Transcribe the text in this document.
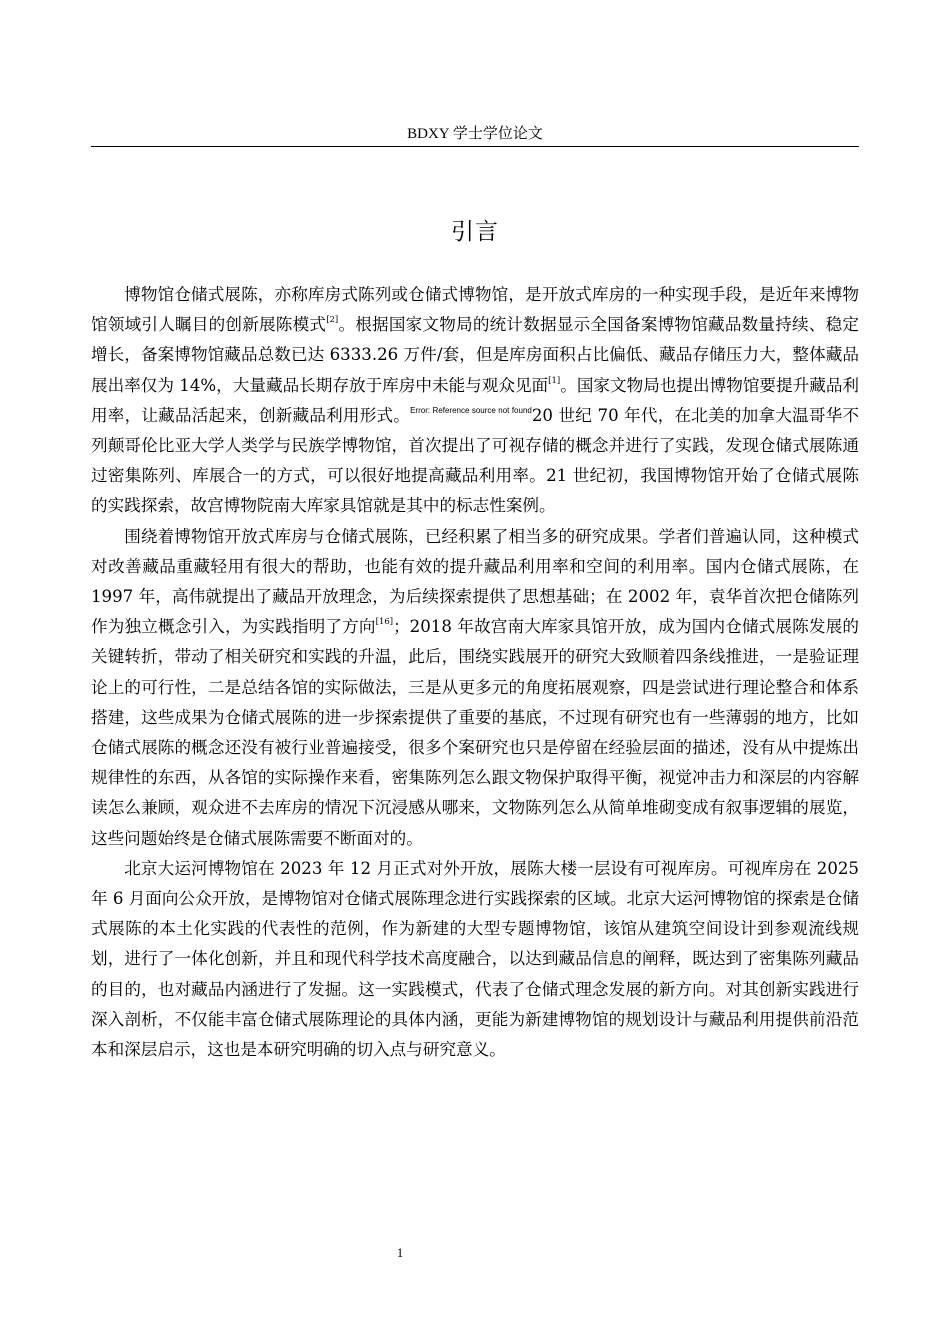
BDXY 学士学位论文
引言

博物馆仓储式展陈，亦称库房式陈列或仓储式博物馆，是开放式库房的一种实现手段，是近年来博物馆领域引人瞩目的创新展陈模式[2]。根据国家文物局的统计数据显示全国备案博物馆藏品数量持续、稳定增长，备案博物馆藏品总数已达 6333.26 万件/套，但是库房面积占比偏低、藏品存储压力大，整体藏品展出率仅为 14%，大量藏品长期存放于库房中未能与观众见面[1]。国家文物局也提出博物馆要提升藏品利用率，让藏品活起来，创新藏品利用形式。$^{Error: Reference source not found}$20 世纪 70 年代，在北美的加拿大温哥华不列颠哥伦比亚大学人类学与民族学博物馆，首次提出了可视存储的概念并进行了实践，发现仓储式展陈通过密集陈列、库展合一的方式，可以很好地提高藏品利用率。21 世纪初，我国博物馆开始了仓储式展陈的实践探索，故宫博物院南大库家具馆就是其中的标志性案例。

围绕着博物馆开放式库房与仓储式展陈，已经积累了相当多的研究成果。学者们普遍认同，这种模式对改善藏品重藏轻用有很大的帮助，也能有效的提升藏品利用率和空间的利用率。国内仓储式展陈，在 1997 年，高伟就提出了藏品开放理念，为后续探索提供了思想基础；在 2002 年，袁华首次把仓储陈列作为独立概念引入，为实践指明了方向[16]；2018 年故宫南大库家具馆开放，成为国内仓储式展陈发展的关键转折，带动了相关研究和实践的升温，此后，围绕实践展开的研究大致顺着四条线推进，一是验证理论上的可行性，二是总结各馆的实际做法，三是从更多元的角度拓展观察，四是尝试进行理论整合和体系搭建，这些成果为仓储式展陈的进一步探索提供了重要的基底，不过现有研究也有一些薄弱的地方，比如仓储式展陈的概念还没有被行业普遍接受，很多个案研究也只是停留在经验层面的描述，没有从中提炼出规律性的东西，从各馆的实际操作来看，密集陈列怎么跟文物保护取得平衡，视觉冲击力和深层的内容解读怎么兼顾，观众进不去库房的情况下沉浸感从哪来，文物陈列怎么从简单堆砌变成有叙事逻辑的展览，这些问题始终是仓储式展陈需要不断面对的。

北京大运河博物馆在 2023 年 12 月正式对外开放，展陈大楼一层设有可视库房。可视库房在 2025 年 6 月面向公众开放，是博物馆对仓储式展陈理念进行实践探索的区域。北京大运河博物馆的探索是仓储式展陈的本土化实践的代表性的范例，作为新建的大型专题博物馆，该馆从建筑空间设计到参观流线规划，进行了一体化创新，并且和现代科学技术高度融合，以达到藏品信息的阐释，既达到了密集陈列藏品的目的，也对藏品内涵进行了发掘。这一实践模式，代表了仓储式理念发展的新方向。对其创新实践进行深入剖析，不仅能丰富仓储式展陈理论的具体内涵，更能为新建博物馆的规划设计与藏品利用提供前沿范本和深层启示，这也是本研究明确的切入点与研究意义。

1
